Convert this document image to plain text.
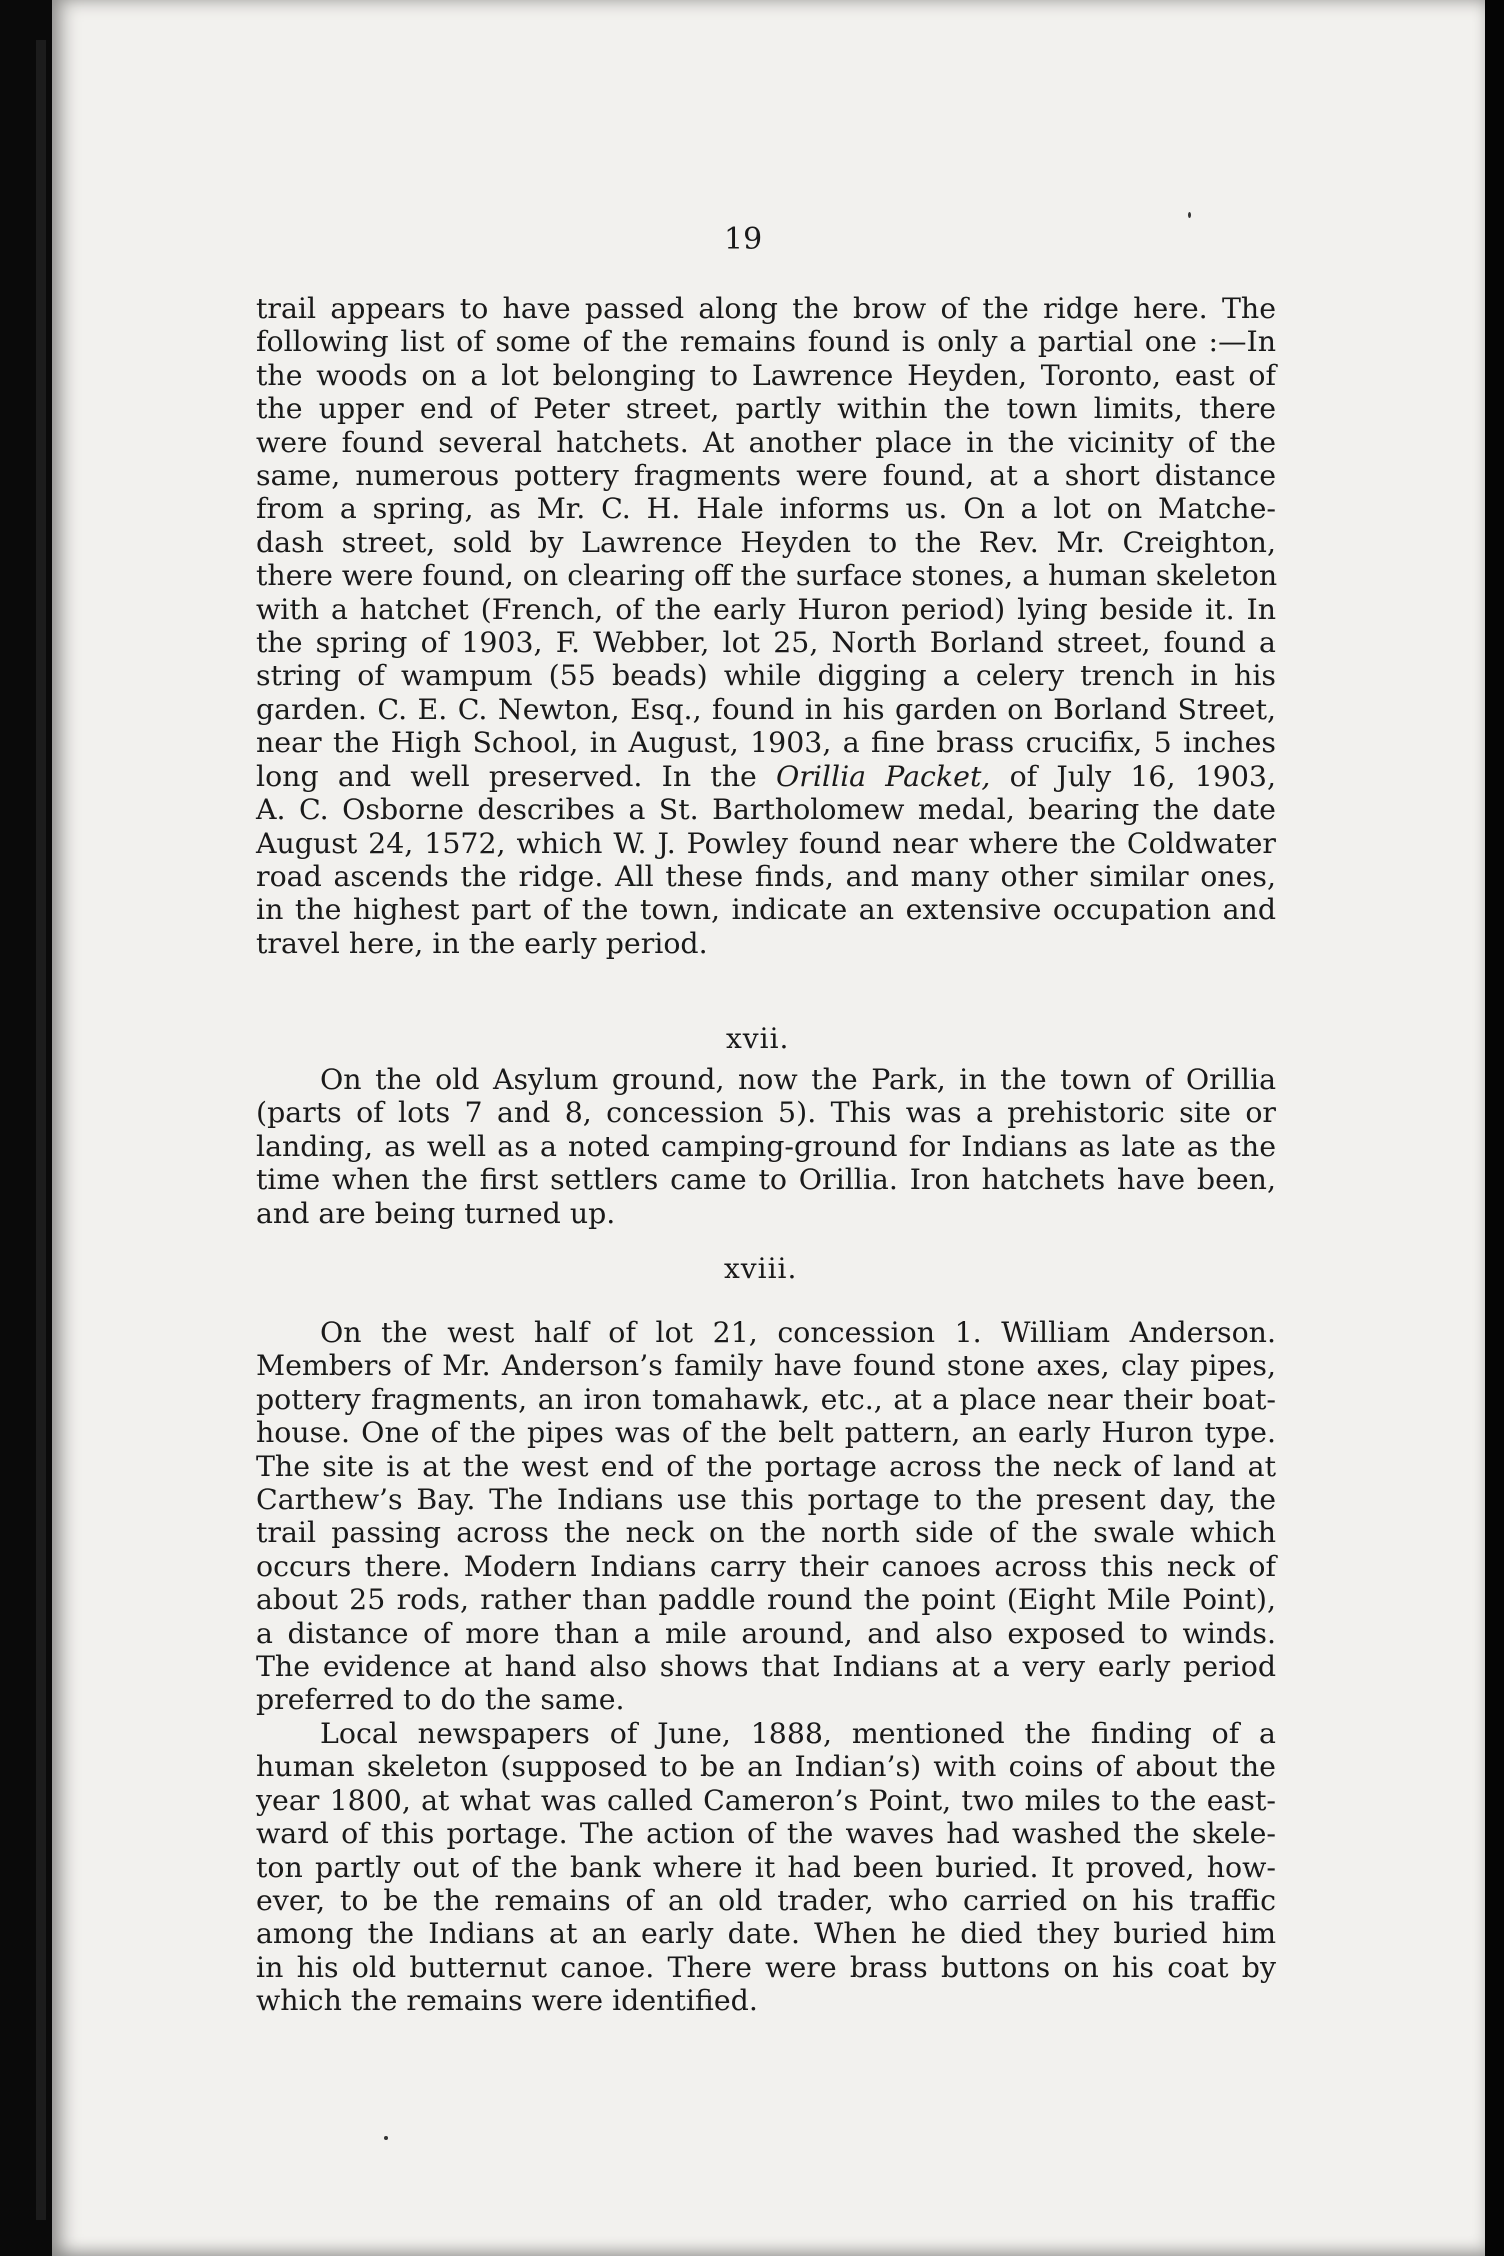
19
trail appears to have passed along the brow of the ridge here. The
following list of some of the remains found is only a partial one :—In
the woods on a lot belonging to Lawrence Heyden, Toronto, east of
the upper end of Peter street, partly within the town limits, there
were found several hatchets. At another place in the vicinity of the
same, numerous pottery fragments were found, at a short distance
from a spring, as Mr. C. H. Hale informs us. On a lot on Matche-
dash street, sold by Lawrence Heyden to the Rev. Mr. Creighton,
there were found, on clearing off the surface stones, a human skeleton
with a hatchet (French, of the early Huron period) lying beside it. In
the spring of 1903, F. Webber, lot 25, North Borland street, found a
string of wampum (55 beads) while digging a celery trench in his
garden. C. E. C. Newton, Esq., found in his garden on Borland Street,
near the High School, in August, 1903, a fine brass crucifix, 5 inches
long and well preserved. In the Orillia Packet, of July 16, 1903,
A. C. Osborne describes a St. Bartholomew medal, bearing the date
August 24, 1572, which W. J. Powley found near where the Coldwater
road ascends the ridge. All these finds, and many other similar ones,
in the highest part of the town, indicate an extensive occupation and
travel here, in the early period.
xvii.
On the old Asylum ground, now the Park, in the town of Orillia
(parts of lots 7 and 8, concession 5). This was a prehistoric site or
landing, as well as a noted camping-ground for Indians as late as the
time when the first settlers came to Orillia. Iron hatchets have been,
and are being turned up.
xviii.
On the west half of lot 21, concession 1. William Anderson.
Members of Mr. Anderson’s family have found stone axes, clay pipes,
pottery fragments, an iron tomahawk, etc., at a place near their boat-
house. One of the pipes was of the belt pattern, an early Huron type.
The site is at the west end of the portage across the neck of land at
Carthew’s Bay. The Indians use this portage to the present day, the
trail passing across the neck on the north side of the swale which
occurs there. Modern Indians carry their canoes across this neck of
about 25 rods, rather than paddle round the point (Eight Mile Point),
a distance of more than a mile around, and also exposed to winds.
The evidence at hand also shows that Indians at a very early period
preferred to do the same.
Local newspapers of June, 1888, mentioned the finding of a
human skeleton (supposed to be an Indian’s) with coins of about the
year 1800, at what was called Cameron’s Point, two miles to the east-
ward of this portage. The action of the waves had washed the skele-
ton partly out of the bank where it had been buried. It proved, how-
ever, to be the remains of an old trader, who carried on his traffic
among the Indians at an early date. When he died they buried him
in his old butternut canoe. There were brass buttons on his coat by
which the remains were identified.
